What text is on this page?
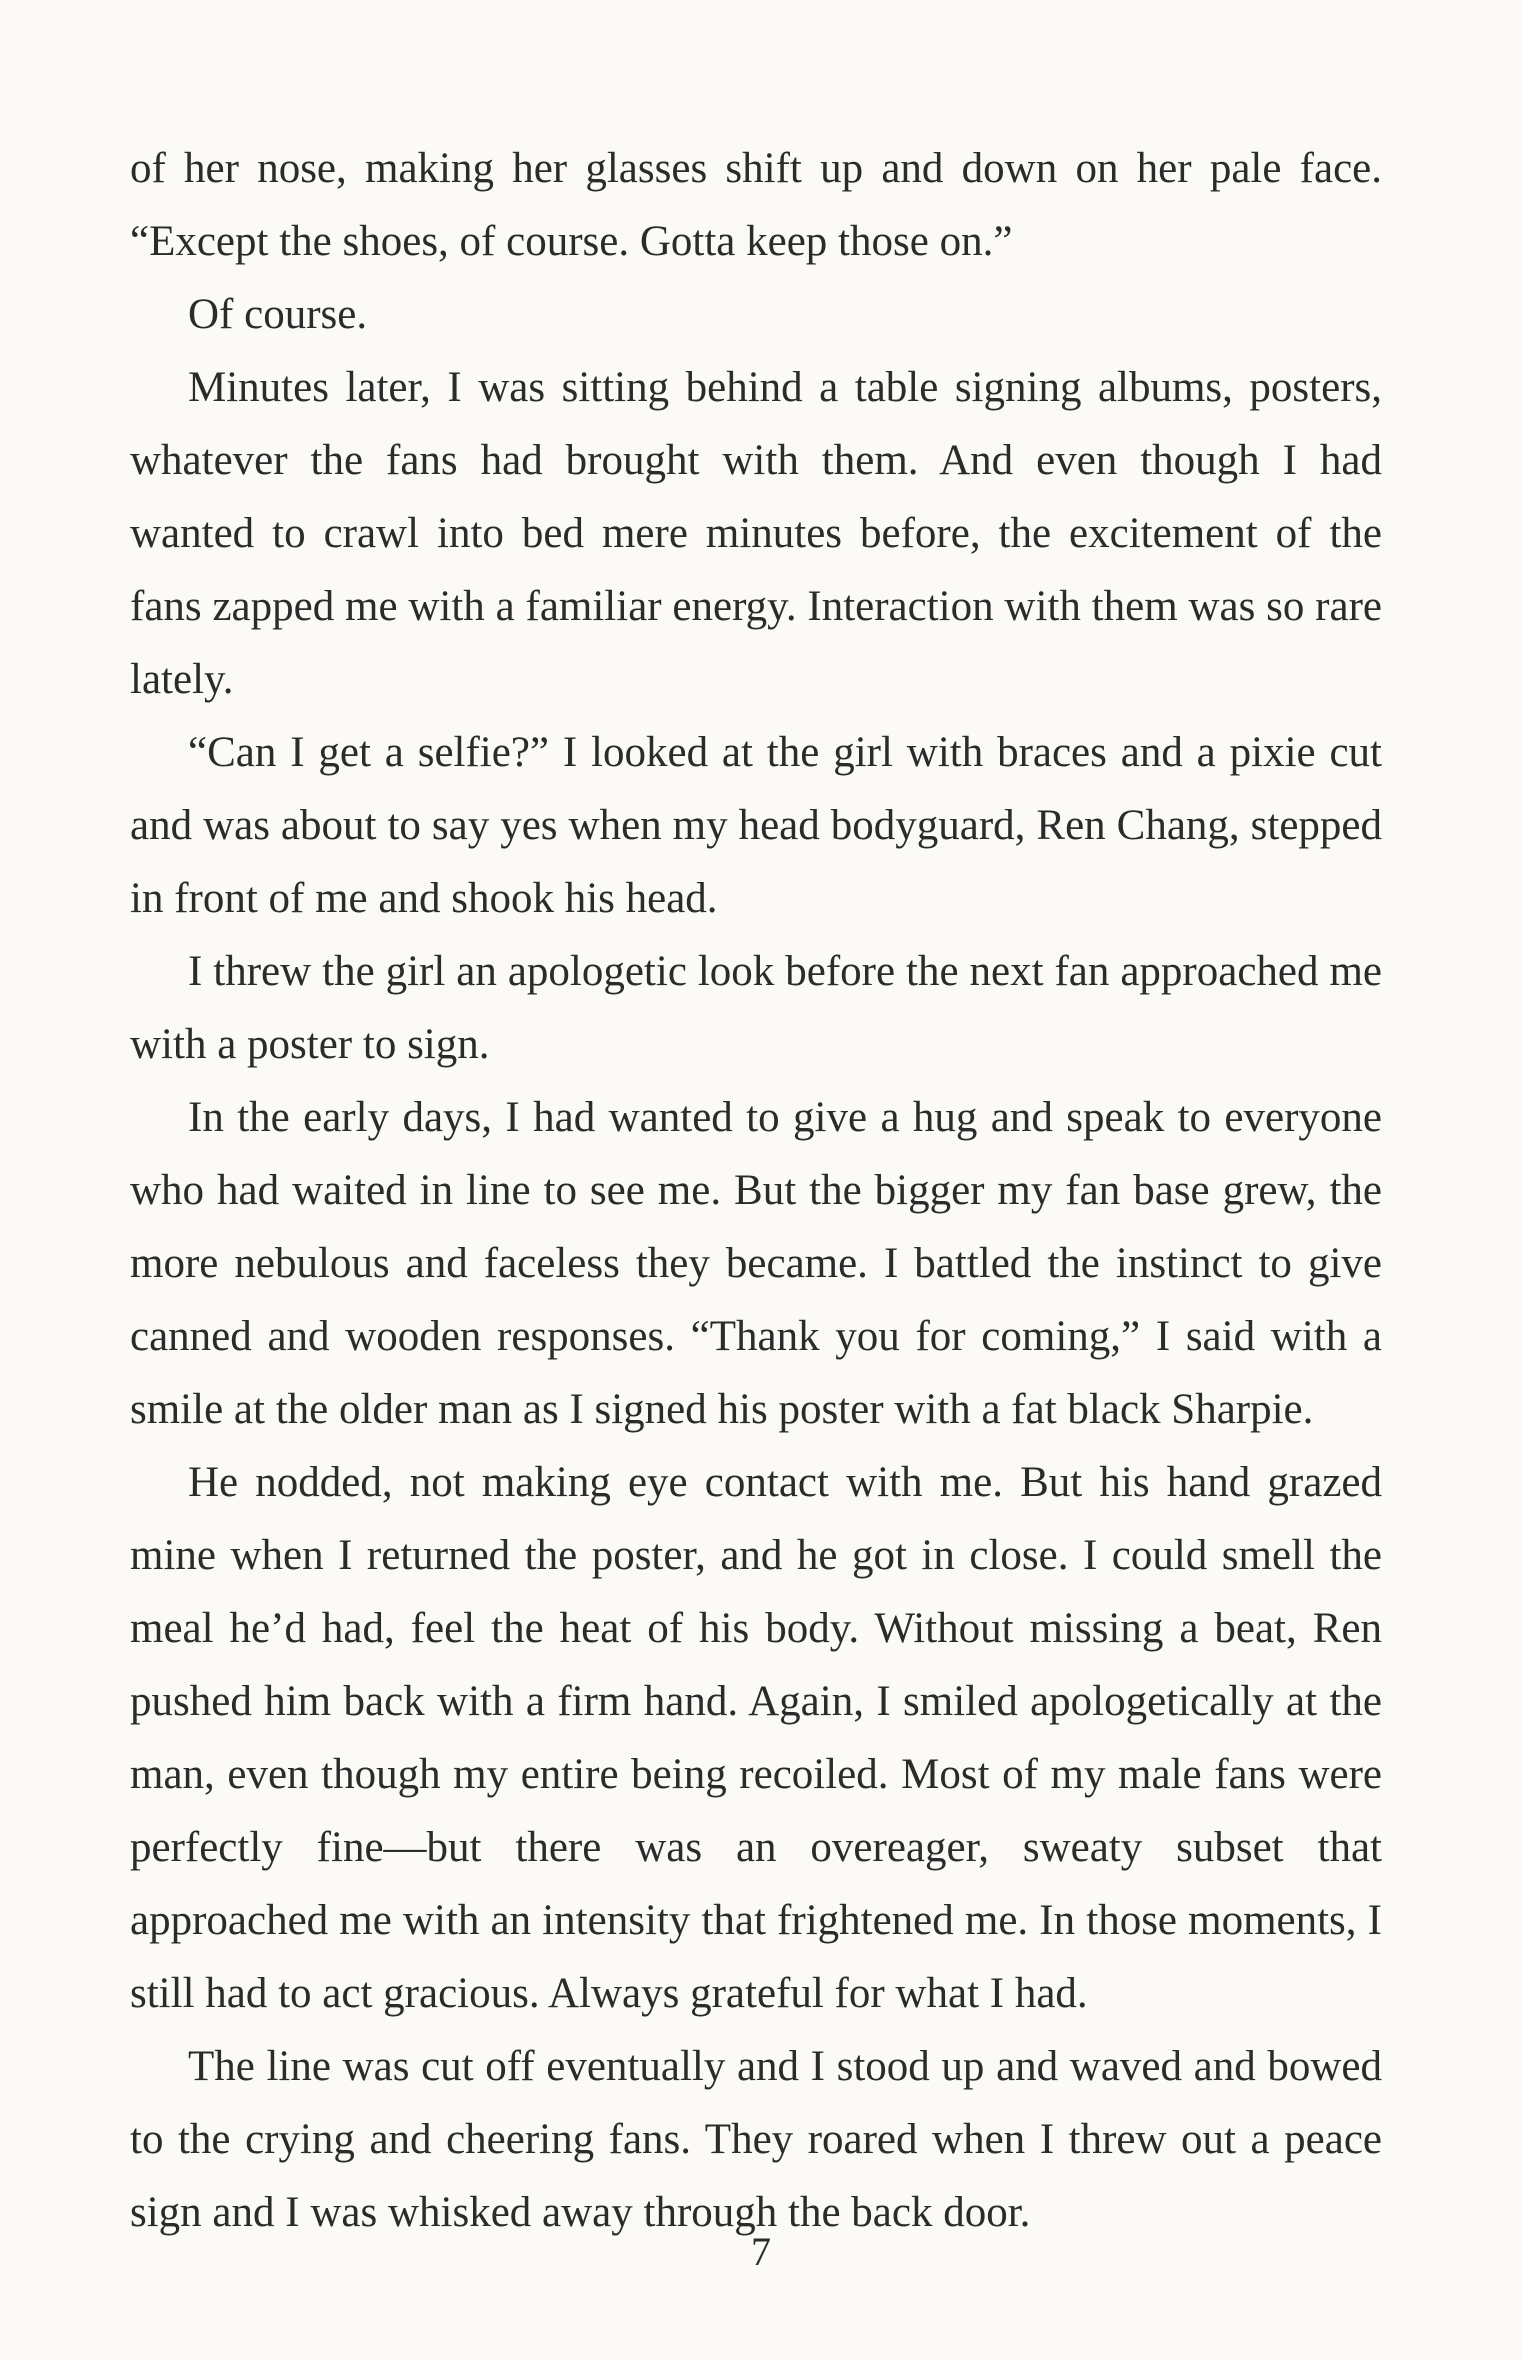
of her nose, making her glasses shift up and down on her pale face. “Except the shoes, of course. Gotta keep those on.”

Of course.

Minutes later, I was sitting behind a table signing albums, posters, whatever the fans had brought with them. And even though I had wanted to crawl into bed mere minutes before, the excitement of the fans zapped me with a familiar energy. Interaction with them was so rare lately.

“Can I get a selfie?” I looked at the girl with braces and a pixie cut and was about to say yes when my head bodyguard, Ren Chang, stepped in front of me and shook his head.

I threw the girl an apologetic look before the next fan approached me with a poster to sign.

In the early days, I had wanted to give a hug and speak to everyone who had waited in line to see me. But the bigger my fan base grew, the more nebulous and faceless they became. I battled the instinct to give canned and wooden responses. “Thank you for coming,” I said with a smile at the older man as I signed his poster with a fat black Sharpie.

He nodded, not making eye contact with me. But his hand grazed mine when I returned the poster, and he got in close. I could smell the meal he’d had, feel the heat of his body. Without missing a beat, Ren pushed him back with a firm hand. Again, I smiled apologetically at the man, even though my entire being recoiled. Most of my male fans were perfectly fine—but there was an overeager, sweaty subset that approached me with an intensity that frightened me. In those moments, I still had to act gracious. Always grateful for what I had.

The line was cut off eventually and I stood up and waved and bowed to the crying and cheering fans. They roared when I threw out a peace sign and I was whisked away through the back door.

7
